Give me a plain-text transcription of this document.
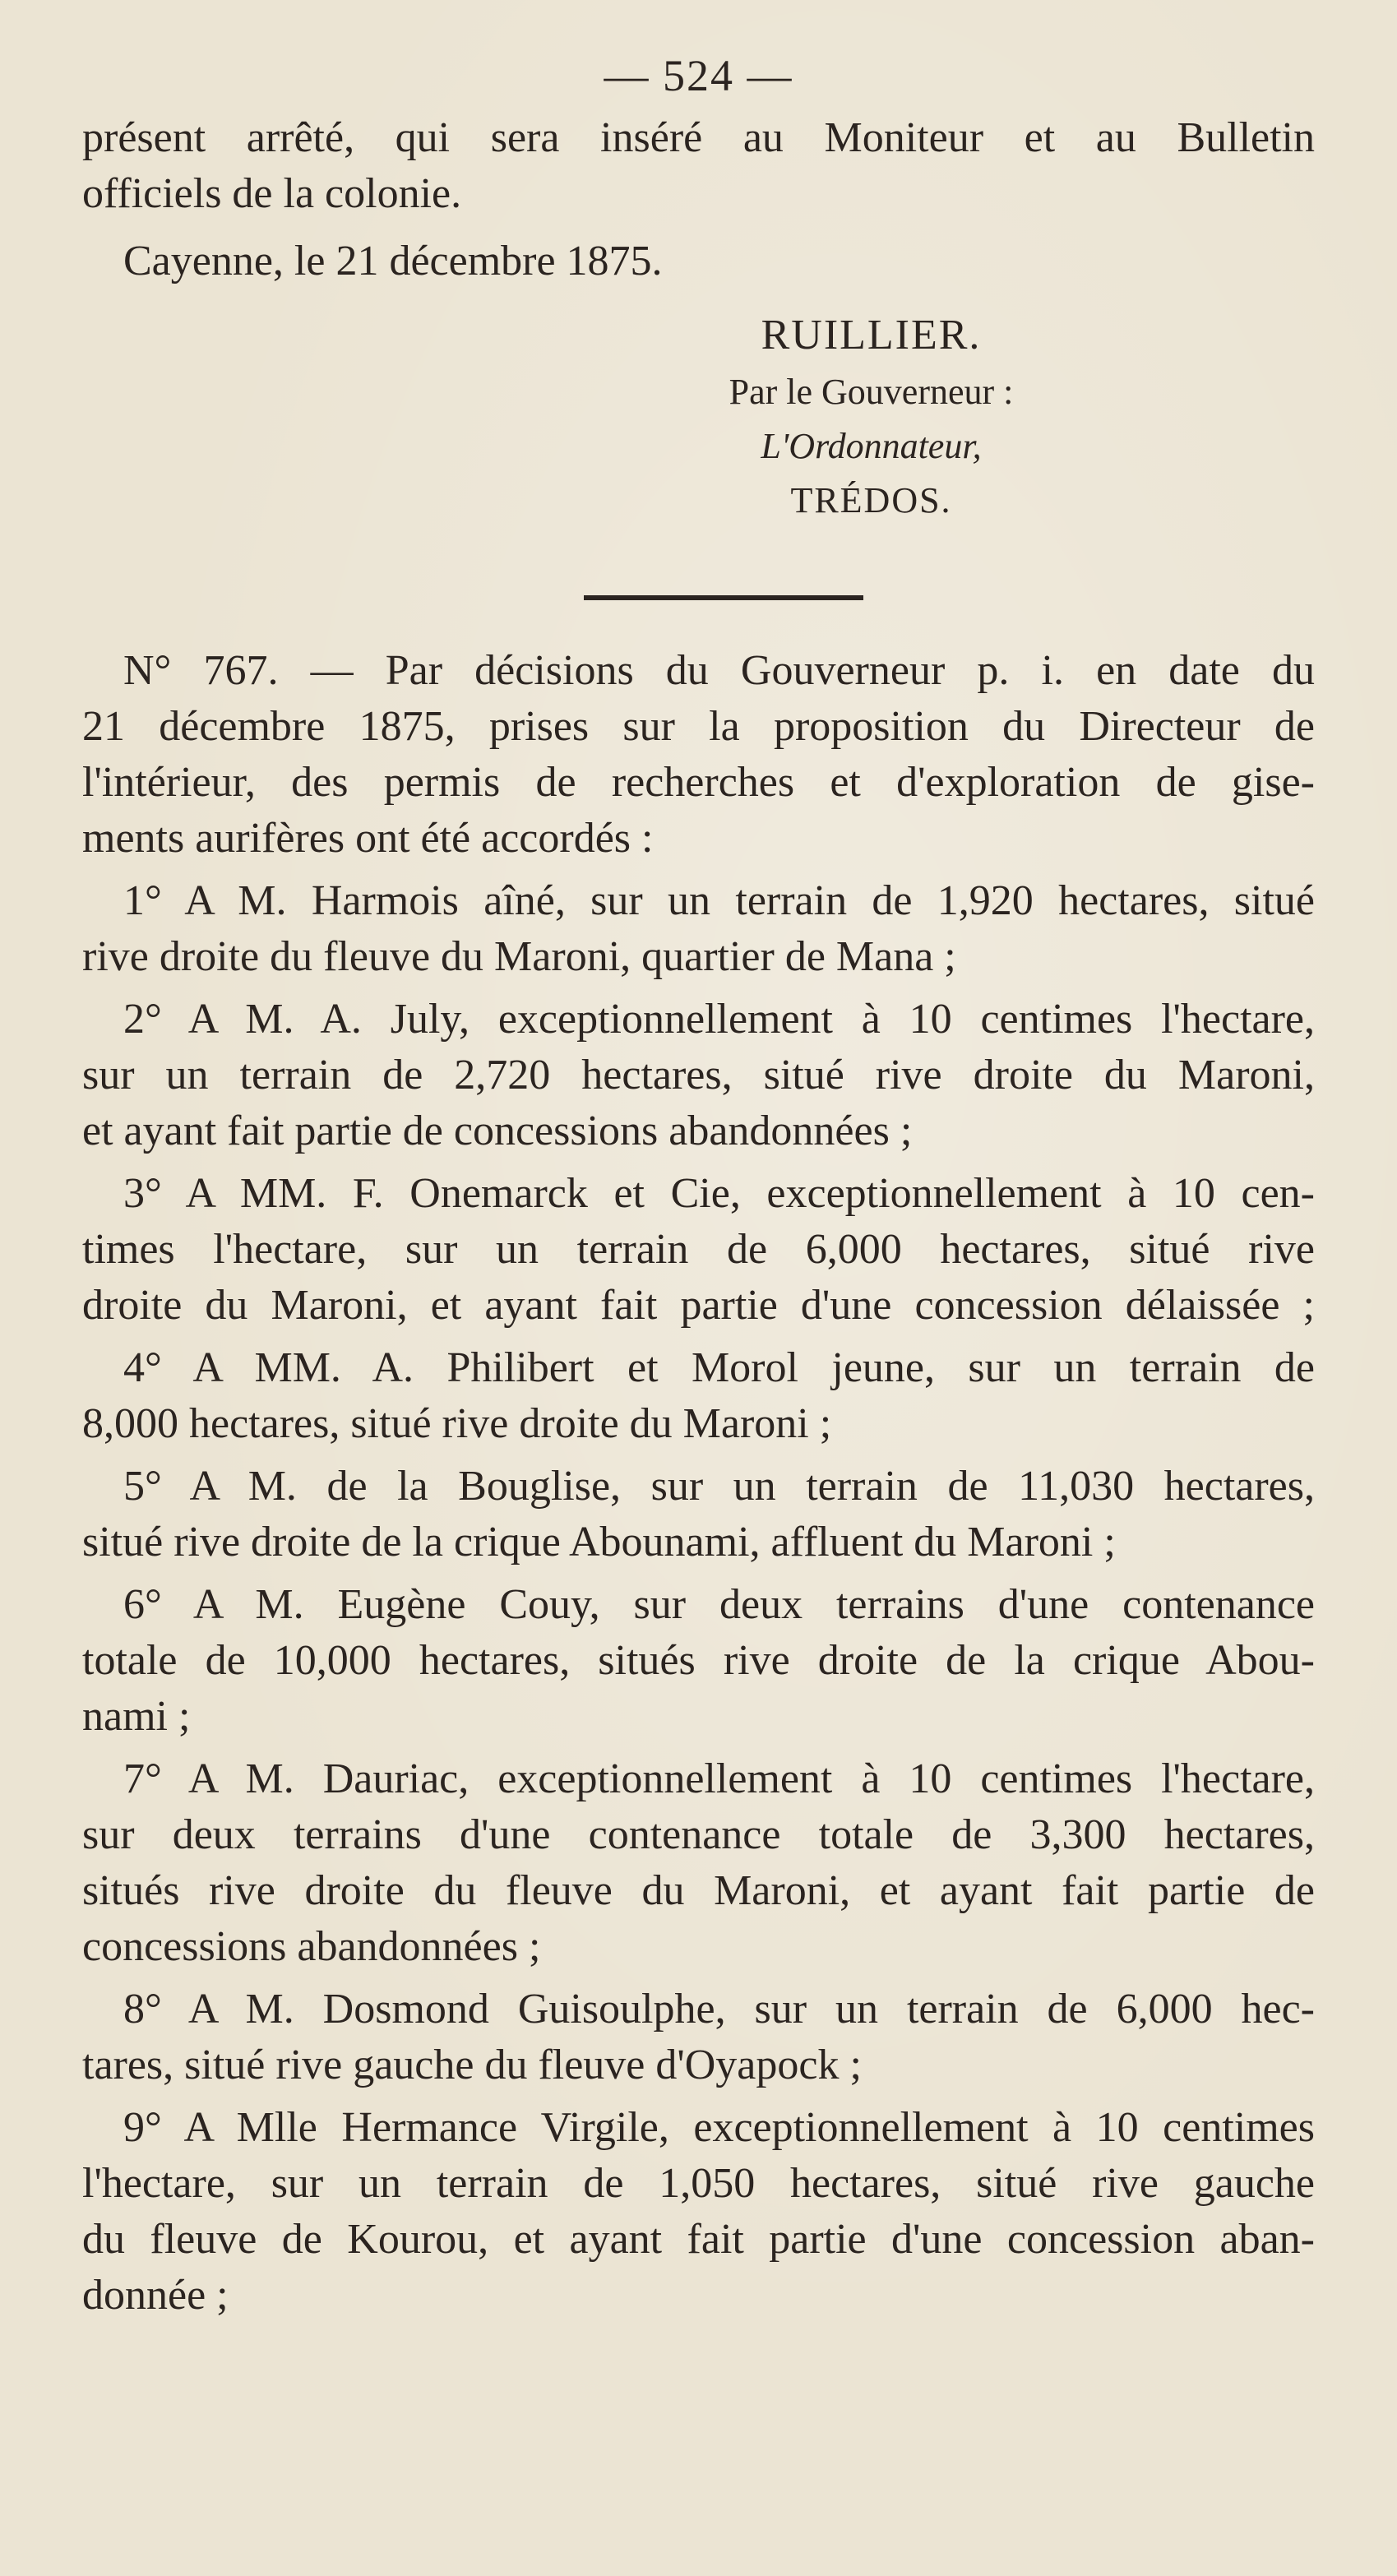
— 524 —
présent arrêté, qui sera inséré au Moniteur et au Bulletin
officiels de la colonie.
Cayenne, le 21 décembre 1875.
RUILLIER.
Par le Gouverneur :
L'Ordonnateur,
TRÉDOS.
N° 767. — Par décisions du Gouverneur p. i. en date du
21 décembre 1875, prises sur la proposition du Directeur de
l'intérieur, des permis de recherches et d'exploration de gise-
ments aurifères ont été accordés :
1° A M. Harmois aîné, sur un terrain de 1,920 hectares, situé
rive droite du fleuve du Maroni, quartier de Mana ;
2° A M. A. July, exceptionnellement à 10 centimes l'hectare,
sur un terrain de 2,720 hectares, situé rive droite du Maroni,
et ayant fait partie de concessions abandonnées ;
3° A MM. F. Onemarck et Cie, exceptionnellement à 10 cen-
times l'hectare, sur un terrain de 6,000 hectares, situé rive
droite du Maroni, et ayant fait partie d'une concession délaissée ;
4° A MM. A. Philibert et Morol jeune, sur un terrain de
8,000 hectares, situé rive droite du Maroni ;
5° A M. de la Bouglise, sur un terrain de 11,030 hectares,
situé rive droite de la crique Abounami, affluent du Maroni ;
6° A M. Eugène Couy, sur deux terrains d'une contenance
totale de 10,000 hectares, situés rive droite de la crique Abou-
nami ;
7° A M. Dauriac, exceptionnellement à 10 centimes l'hectare,
sur deux terrains d'une contenance totale de 3,300 hectares,
situés rive droite du fleuve du Maroni, et ayant fait partie de
concessions abandonnées ;
8° A M. Dosmond Guisoulphe, sur un terrain de 6,000 hec-
tares, situé rive gauche du fleuve d'Oyapock ;
9° A Mlle Hermance Virgile, exceptionnellement à 10 centimes
l'hectare, sur un terrain de 1,050 hectares, situé rive gauche
du fleuve de Kourou, et ayant fait partie d'une concession aban-
donnée ;
